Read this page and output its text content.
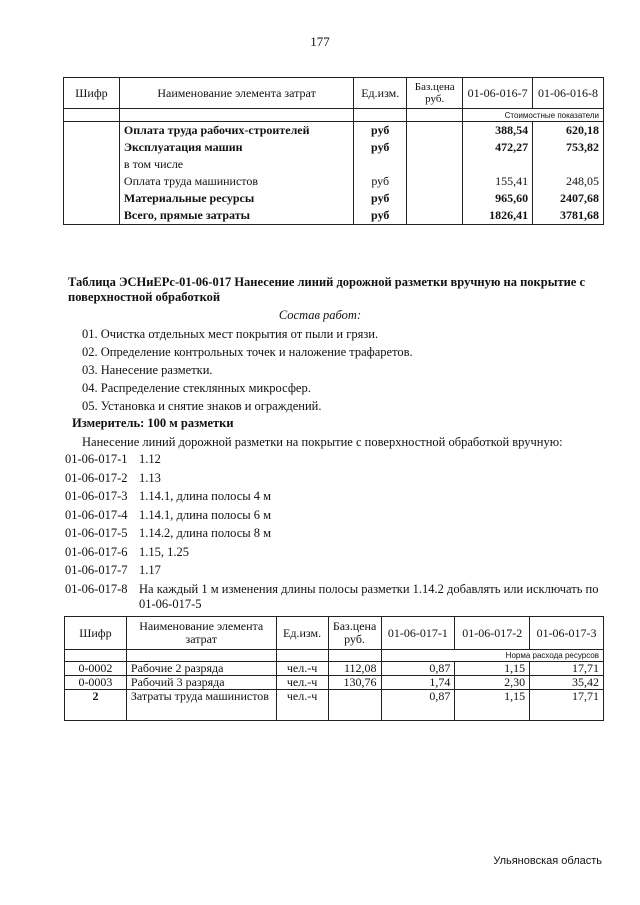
177
Шифр	Наименование элемента затрат	Ед.изм.	Баз.цена руб.	01-06-016-7	01-06-016-8
				Стоимостные показатели	
	Оплата труда рабочих-строителей	руб		388,54	620,18
	Эксплуатация машин	руб		472,27	753,82
	в том числе				
	Оплата труда машинистов	руб		155,41	248,05
	Материальные ресурсы	руб		965,60	2407,68
	Всего, прямые затраты	руб		1826,41	3781,68
Таблица ЭСНиЕРс-01-06-017 Нанесение линий дорожной разметки вручную на покрытие с поверхностной обработкой
Состав работ:
01. Очистка отдельных мест покрытия от пыли и грязи.
02. Определение контрольных точек и наложение трафаретов.
03. Нанесение разметки.
04. Распределение стеклянных микросфер.
05. Установка и снятие знаков и ограждений.
Измеритель: 100 м разметки
Нанесение линий дорожной разметки на покрытие с поверхностной обработкой вручную:
01-06-017-1 1.12
01-06-017-2 1.13
01-06-017-3 1.14.1, длина полосы 4 м
01-06-017-4 1.14.1, длина полосы 6 м
01-06-017-5 1.14.2, длина полосы 8 м
01-06-017-6 1.15, 1.25
01-06-017-7 1.17
01-06-017-8 На каждый 1 м изменения длины полосы разметки 1.14.2 добавлять или исключать по 01-06-017-5
Шифр	Наименование элемента затрат	Ед.изм.	Баз.цена руб.	01-06-017-1	01-06-017-2	01-06-017-3
				Норма расхода ресурсов		
0-0002	Рабочие 2 разряда	чел.-ч	112,08	0,87	1,15	17,71
0-0003	Рабочий 3 разряда	чел.-ч	130,76	1,74	2,30	35,42
2	Затраты труда машинистов	чел.-ч		0,87	1,15	17,71
Ульяновская область
